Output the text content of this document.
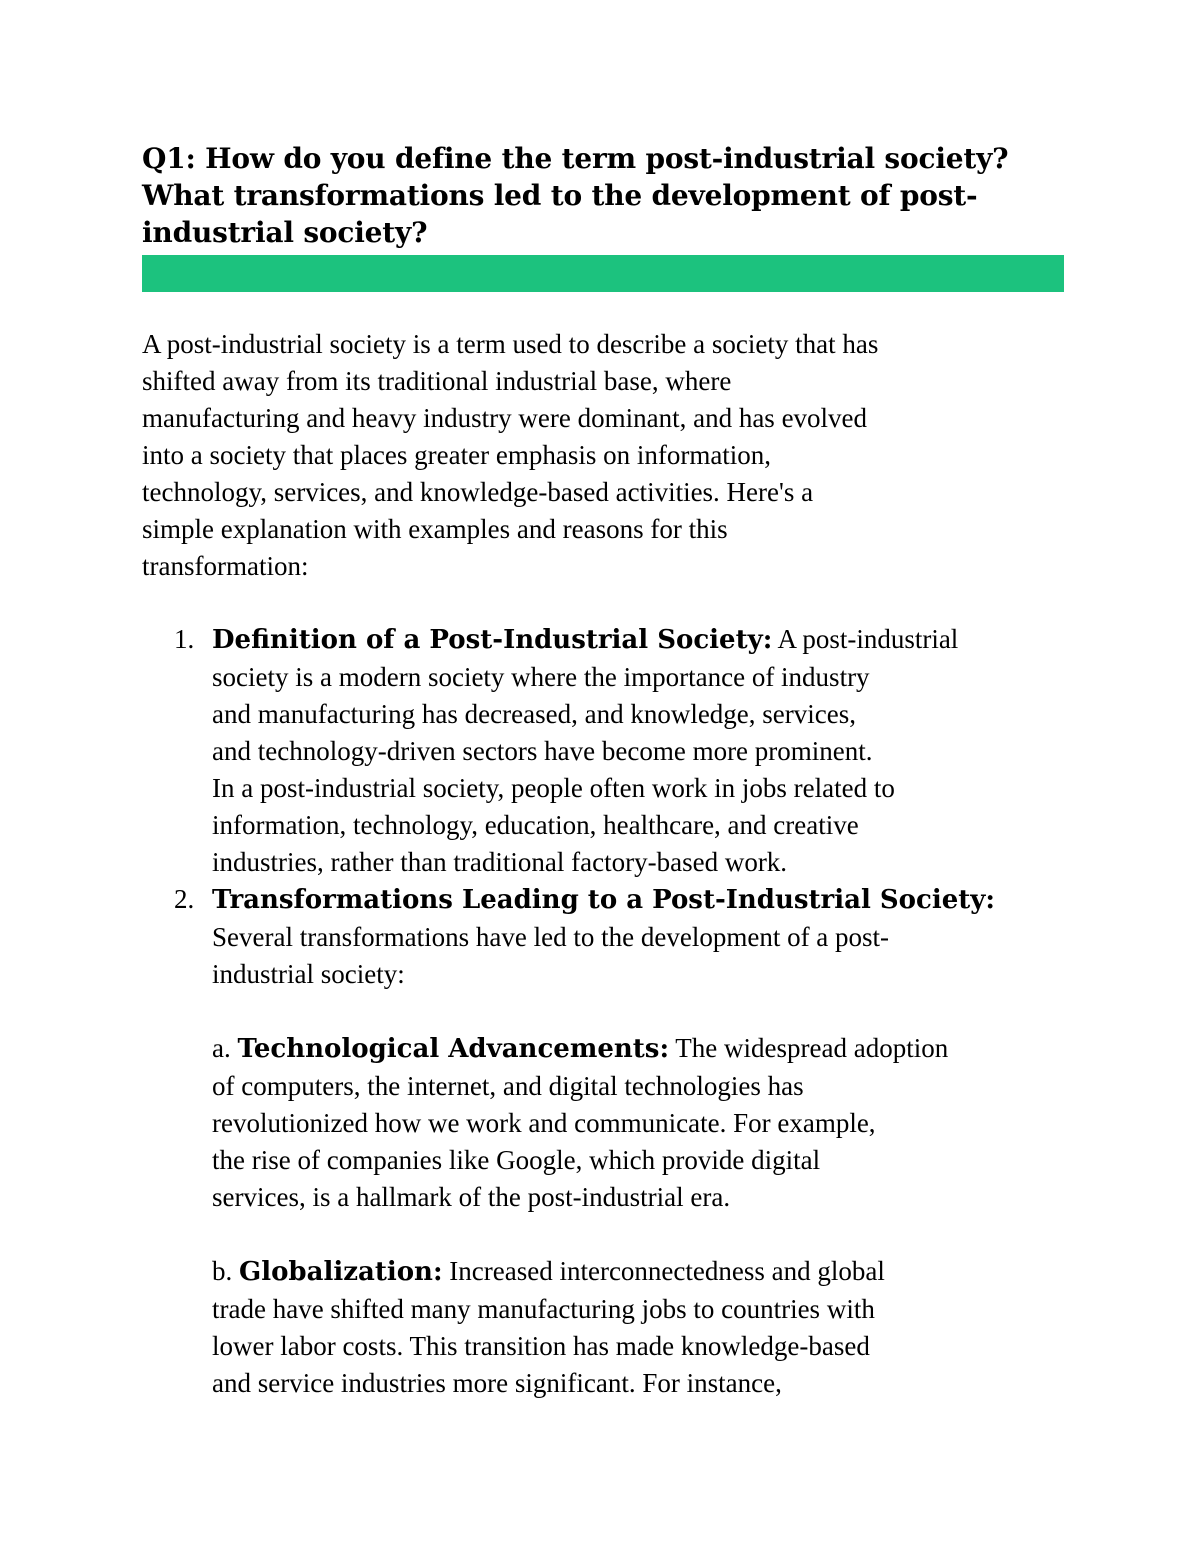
Q1: How do you define the term post-industrial society?
What transformations led to the development of post-
industrial society?
A post-industrial society is a term used to describe a society that has
shifted away from its traditional industrial base, where
manufacturing and heavy industry were dominant, and has evolved
into a society that places greater emphasis on information,
technology, services, and knowledge-based activities. Here's a
simple explanation with examples and reasons for this
transformation:
1. Definition of a Post-Industrial Society: A post-industrial
society is a modern society where the importance of industry
and manufacturing has decreased, and knowledge, services,
and technology-driven sectors have become more prominent.
In a post-industrial society, people often work in jobs related to
information, technology, education, healthcare, and creative
industries, rather than traditional factory-based work.
2. Transformations Leading to a Post-Industrial Society:
Several transformations have led to the development of a post-
industrial society:
a. Technological Advancements: The widespread adoption
of computers, the internet, and digital technologies has
revolutionized how we work and communicate. For example,
the rise of companies like Google, which provide digital
services, is a hallmark of the post-industrial era.
b. Globalization: Increased interconnectedness and global
trade have shifted many manufacturing jobs to countries with
lower labor costs. This transition has made knowledge-based
and service industries more significant. For instance,
